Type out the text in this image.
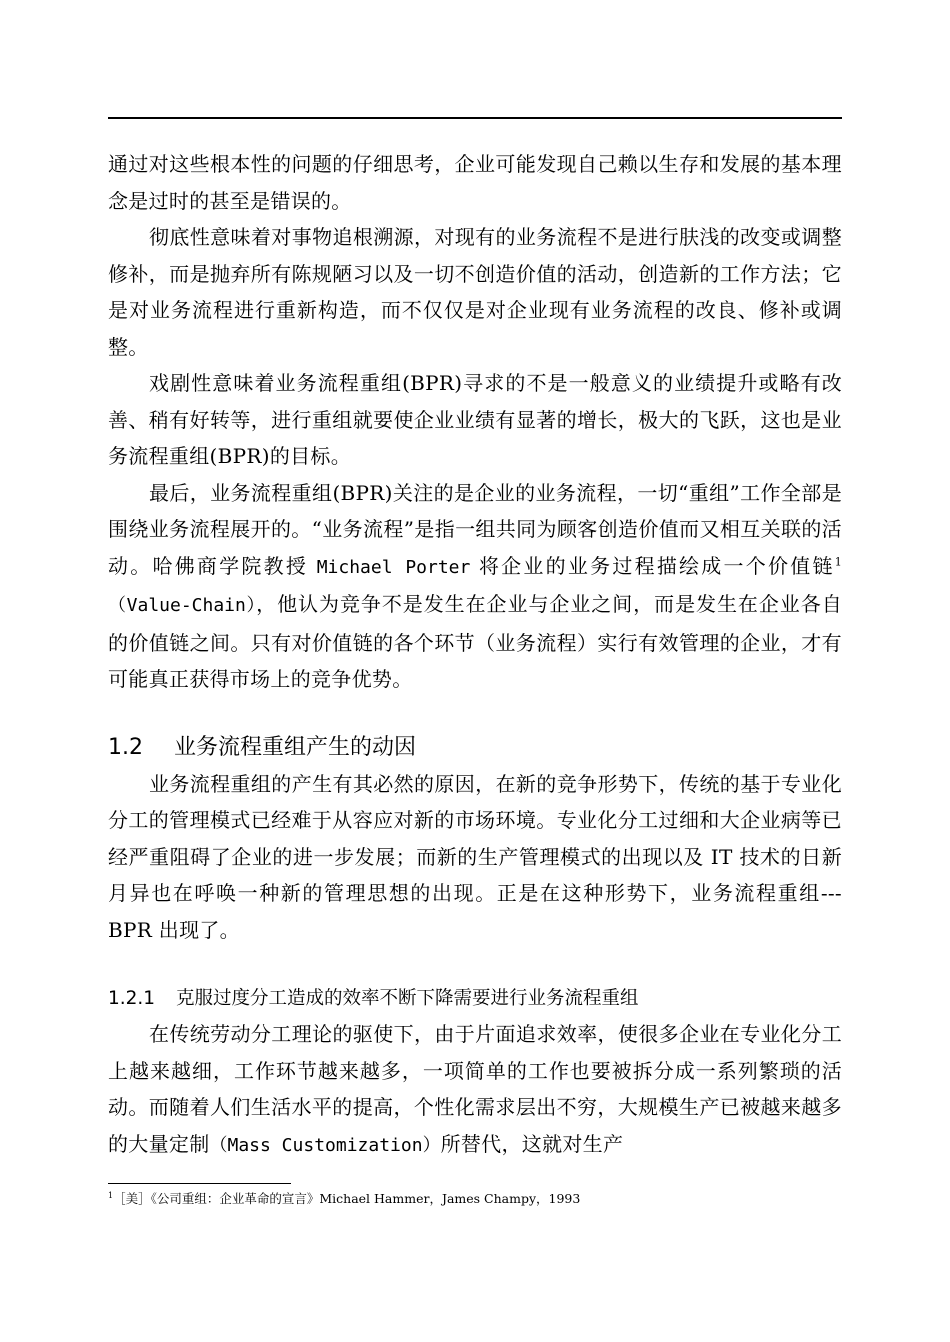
通过对这些根本性的问题的仔细思考，企业可能发现自己赖以生存和发展的基本理念是过时的甚至是错误的。

彻底性意味着对事物追根溯源，对现有的业务流程不是进行肤浅的改变或调整修补，而是抛弃所有陈规陋习以及一切不创造价值的活动，创造新的工作方法；它是对业务流程进行重新构造，而不仅仅是对企业现有业务流程的改良、修补或调整。

戏剧性意味着业务流程重组(BPR)寻求的不是一般意义的业绩提升或略有改善、稍有好转等，进行重组就要使企业业绩有显著的增长，极大的飞跃，这也是业务流程重组(BPR)的目标。

最后，业务流程重组(BPR)关注的是企业的业务流程，一切“重组”工作全部是围绕业务流程展开的。“业务流程”是指一组共同为顾客创造价值而又相互关联的活动。哈佛商学院教授 Michael Porter 将企业的业务过程描绘成一个价值链$^1$（Value-Chain），他认为竞争不是发生在企业与企业之间，而是发生在企业各自的价值链之间。只有对价值链的各个环节（业务流程）实行有效管理的企业，才有可能真正获得市场上的竞争优势。

1.2 业务流程重组产生的动因

业务流程重组的产生有其必然的原因，在新的竞争形势下，传统的基于专业化分工的管理模式已经难于从容应对新的市场环境。专业化分工过细和大企业病等已经严重阻碍了企业的进一步发展；而新的生产管理模式的出现以及 IT 技术的日新月异也在呼唤一种新的管理思想的出现。正是在这种形势下，业务流程重组---BPR 出现了。

1.2.1 克服过度分工造成的效率不断下降需要进行业务流程重组

在传统劳动分工理论的驱使下，由于片面追求效率，使很多企业在专业化分工上越来越细，工作环节越来越多，一项简单的工作也要被拆分成一系列繁琐的活动。而随着人们生活水平的提高，个性化需求层出不穷，大规模生产已被越来越多的大量定制（Mass Customization）所替代，这就对生产

$^1$［美］《公司重组：企业革命的宣言》Michael Hammer，James Champy，1993
